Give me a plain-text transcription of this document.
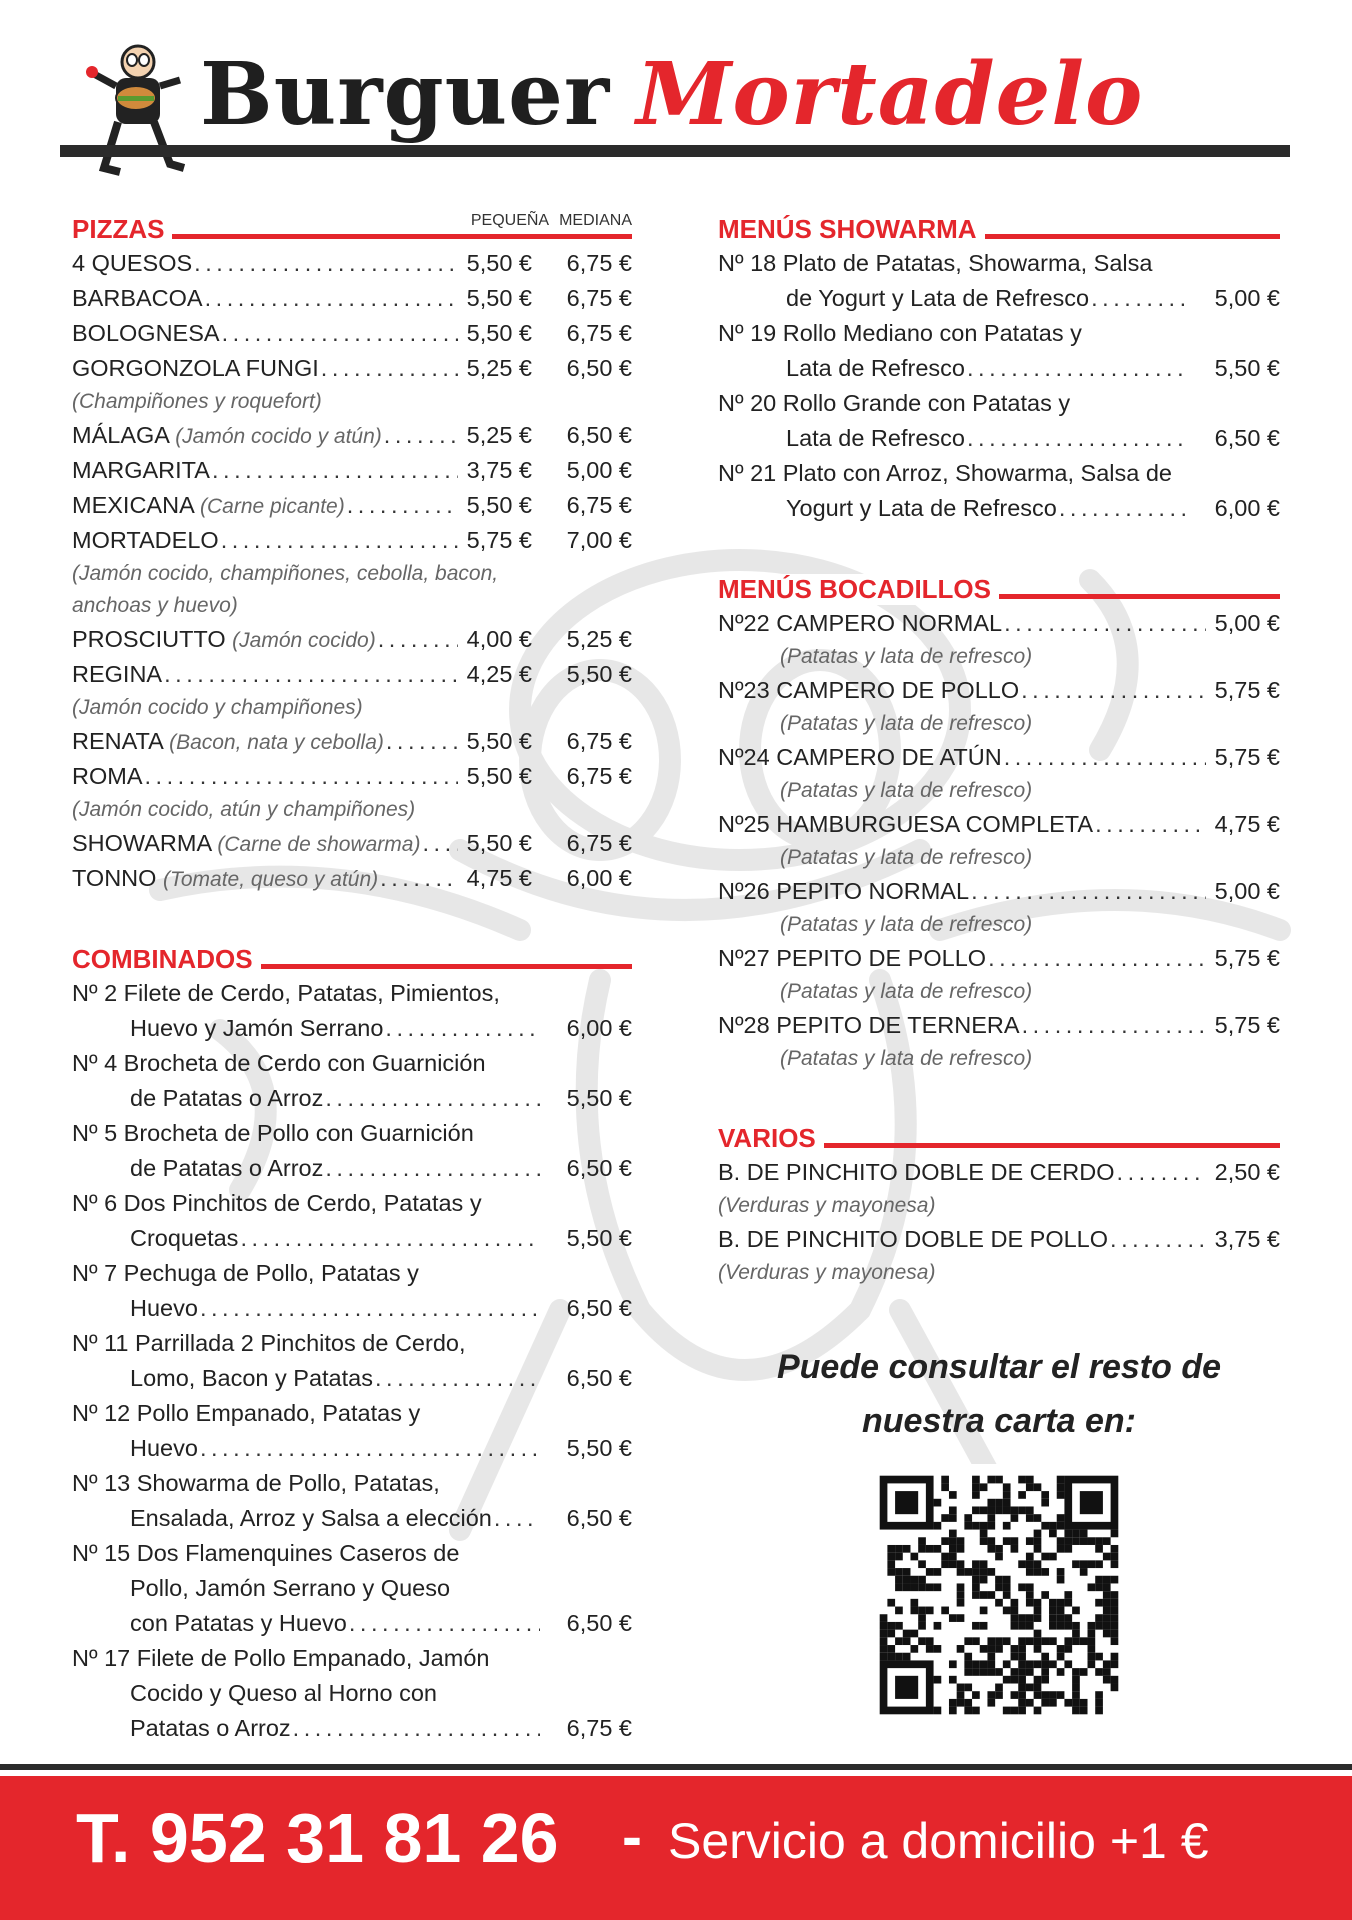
Burguer Mortadelo
PIZZAS	PEQUEÑA MEDIANA
4 QUESOS . . .	5,50 €	6,75 €
BARBACOA . . .	5,50 €	6,75 €
BOLOGNESA . . .	5,50 €	6,75 €
GORGONZOLA FUNGI . . .	5,25 €	6,50 €
(Champiñones y roquefort)
MÁLAGA (Jamón cocido y atún) . . .	5,25 €	6,50 €
MARGARITA . . .	3,75 €	5,00 €
MEXICANA (Carne picante) . . .	5,50 €	6,75 €
MORTADELO . . .	5,75 €	7,00 €
(Jamón cocido, champiñones, cebolla, bacon,
anchoas y huevo)
PROSCIUTTO (Jamón cocido) . . .	4,00 €	5,25 €
REGINA . . .	4,25 €	5,50 €
(Jamón cocido y champiñones)
RENATA (Bacon, nata y cebolla) . . .	5,50 €	6,75 €
ROMA . . .	5,50 €	6,75 €
(Jamón cocido, atún y champiñones)
SHOWARMA (Carne de showarma) . . . 5,50 €	6,75 €
TONNO (Tomate, queso y atún) . . .	4,75 €	6,00 €
COMBINADOS
Nº 2 Filete de Cerdo, Patatas, Pimientos,
Huevo y Jamón Serrano . . .	6,00 €
Nº 4 Brocheta de Cerdo con Guarnición
de Patatas o Arroz . . .	5,50 €
Nº 5 Brocheta de Pollo con Guarnición
de Patatas o Arroz . . .	6,50 €
Nº 6 Dos Pinchitos de Cerdo, Patatas y
Croquetas . . .	5,50 €
Nº 7 Pechuga de Pollo, Patatas y
Huevo . . .	6,50 €
Nº 11 Parrillada 2 Pinchitos de Cerdo,
Lomo, Bacon y Patatas . . .	6,50 €
Nº 12 Pollo Empanado, Patatas y
Huevo . . .	5,50 €
Nº 13 Showarma de Pollo, Patatas,
Ensalada, Arroz y Salsa a elección . . .	6,50 €
Nº 15 Dos Flamenquines Caseros de
Pollo, Jamón Serrano y Queso
con Patatas y Huevo . . .	6,50 €
Nº 17 Filete de Pollo Empanado, Jamón
Cocido y Queso al Horno con
Patatas o Arroz . . .	6,75 €
MENÚS SHOWARMA
Nº 18 Plato de Patatas, Showarma, Salsa
de Yogurt y Lata de Refresco . . .	5,00 €
Nº 19 Rollo Mediano con Patatas y
Lata de Refresco . . .	5,50 €
Nº 20 Rollo Grande con Patatas y
Lata de Refresco . . .	6,50 €
Nº 21 Plato con Arroz, Showarma, Salsa de
Yogurt y Lata de Refresco . . .	6,00 €
MENÚS BOCADILLOS
Nº22 CAMPERO NORMAL . . .	5,00 €
(Patatas y lata de refresco)
Nº23 CAMPERO DE POLLO . . .	5,75 €
(Patatas y lata de refresco)
Nº24 CAMPERO DE ATÚN . . .	5,75 €
(Patatas y lata de refresco)
Nº25 HAMBURGUESA COMPLETA . . .	4,75 €
(Patatas y lata de refresco)
Nº26 PEPITO NORMAL . . .	5,00 €
(Patatas y lata de refresco)
Nº27 PEPITO DE POLLO . . .	5,75 €
(Patatas y lata de refresco)
Nº28 PEPITO DE TERNERA . . .	5,75 €
(Patatas y lata de refresco)
VARIOS
B. DE PINCHITO DOBLE DE CERDO . . .	2,50 €
(Verduras y mayonesa)
B. DE PINCHITO DOBLE DE POLLO . . .	3,75 €
(Verduras y mayonesa)
Puede consultar el resto de
nuestra carta en:
T. 952 31 81 26 - Servicio a domicilio +1 €
